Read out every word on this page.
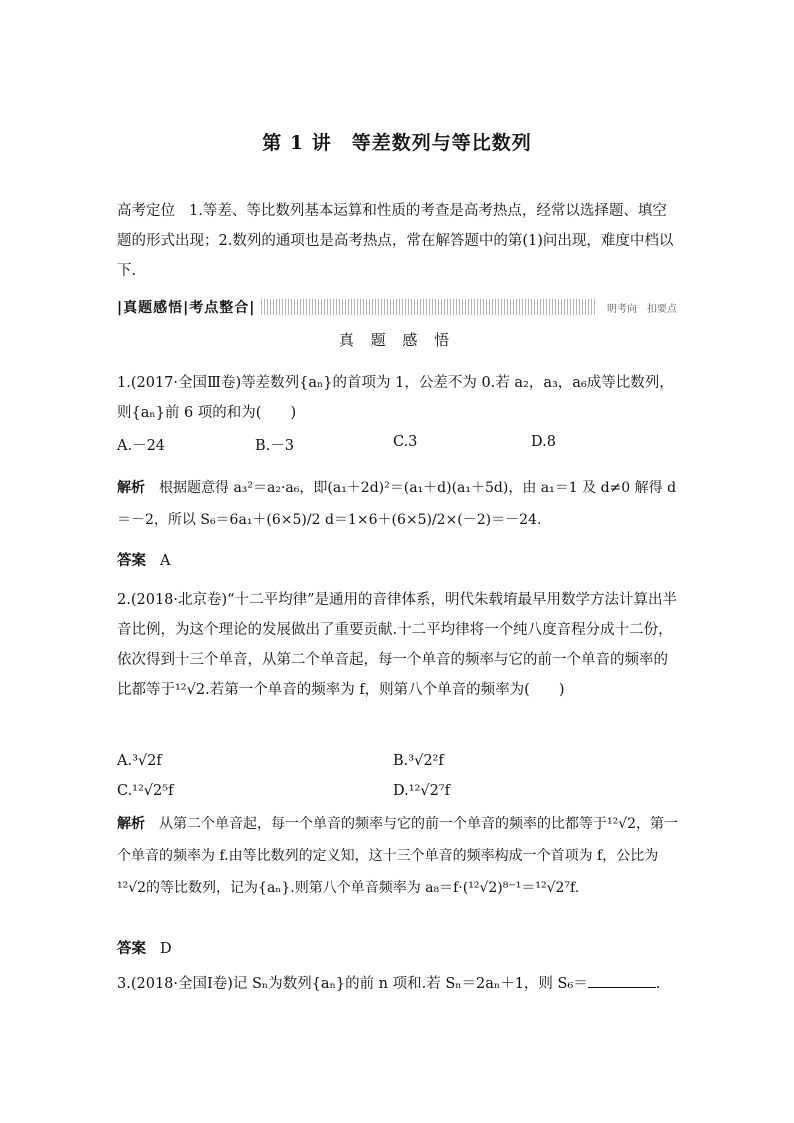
第 1 讲　等差数列与等比数列
高考定位 1.等差、等比数列基本运算和性质的考查是高考热点，经常以选择题、填空题的形式出现；2.数列的通项也是高考热点，常在解答题中的第(1)问出现，难度中档以下.
|真题感悟|考点整合|	明考向　扣要点
真 题 感 悟
1.(2017·全国Ⅲ卷)等差数列{aₙ}的首项为 1，公差不为 0.若 a₂，a₃，a₆成等比数列，则{aₙ}前 6 项的和为(　　)
A.－24	B.－3	C.3	D.8
解析 根据题意得 a₃²＝a₂·a₆，即(a₁＋2d)²＝(a₁＋d)(a₁＋5d)，由 a₁＝1 及 d≠0 解得 d＝－2，所以 S₆＝6a₁＋(6×5)/2 d＝1×6＋(6×5)/2×(－2)＝－24.
答案 A
2.(2018·北京卷)“十二平均律”是通用的音律体系，明代朱载堉最早用数学方法计算出半音比例，为这个理论的发展做出了重要贡献.十二平均律将一个纯八度音程分成十二份，依次得到十三个单音，从第二个单音起，每一个单音的频率与它的前一个单音的频率的比都等于¹²√2.若第一个单音的频率为 f，则第八个单音的频率为(　　)
A.³√2f	B.³√2²f
C.¹²√2⁵f	D.¹²√2⁷f
解析 从第二个单音起，每一个单音的频率与它的前一个单音的频率的比都等于¹²√2，第一个单音的频率为 f.由等比数列的定义知，这十三个单音的频率构成一个首项为 f，公比为¹²√2的等比数列，记为{aₙ}.则第八个单音频率为 a₈＝f·(¹²√2)⁸⁻¹＝¹²√2⁷f.
答案 D
3.(2018·全国Ⅰ卷)记 Sₙ为数列{aₙ}的前 n 项和.若 Sₙ＝2aₙ＋1，则 S₆＝	.
